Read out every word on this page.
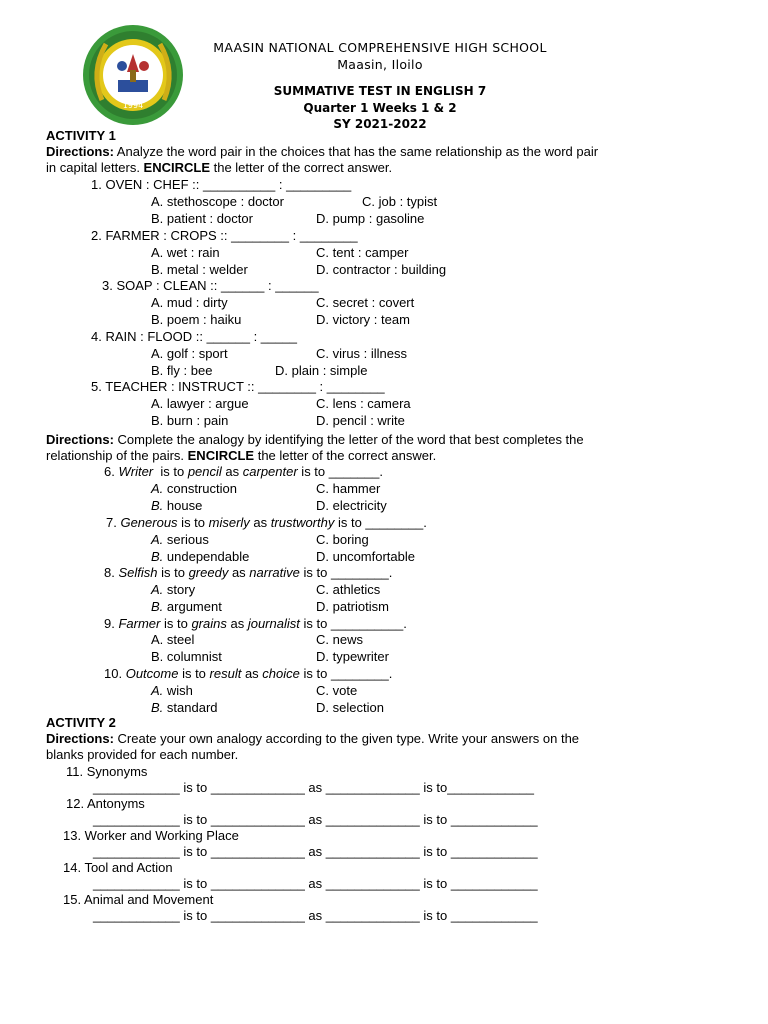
1994
MAASIN NATIONAL COMPREHENSIVE HIGH SCHOOL
Maasin, Iloilo
SUMMATIVE TEST IN ENGLISH 7
Quarter 1 Weeks 1 & 2
SY 2021-2022
ACTIVITY 1
Directions: Analyze the word pair in the choices that has the same relationship as the word pair
in capital letters. ENCIRCLE the letter of the correct answer.
1. OVEN : CHEF :: __________ : _________
A. stethoscope : doctor	C. job : typist
B. patient : doctor	D. pump : gasoline
2. FARMER : CROPS :: ________ : ________
A. wet : rain	C. tent : camper
B. metal : welder	D. contractor : building
3. SOAP : CLEAN :: ______ : ______
A. mud : dirty	C. secret : covert
B. poem : haiku	D. victory : team
4. RAIN : FLOOD :: ______ : _____
A. golf : sport	C. virus : illness
B. fly : bee	D. plain : simple
5. TEACHER : INSTRUCT :: ________ : ________
A. lawyer : argue	C. lens : camera
B. burn : pain	D. pencil : write
Directions: Complete the analogy by identifying the letter of the word that best completes the
relationship of the pairs. ENCIRCLE the letter of the correct answer.
6. Writer  is to pencil as carpenter is to _______.
A. construction	C. hammer
B. house	D. electricity
7. Generous is to miserly as trustworthy is to ________.
A. serious	C. boring
B. undependable	D. uncomfortable
8. Selfish is to greedy as narrative is to ________.
A. story	C. athletics
B. argument	D. patriotism
9. Farmer is to grains as journalist is to __________.
A. steel	C. news
B. columnist	D. typewriter
10. Outcome is to result as choice is to ________.
A. wish	C. vote
B. standard	D. selection
ACTIVITY 2
Directions: Create your own analogy according to the given type. Write your answers on the
blanks provided for each number.
11. Synonyms
____________ is to _____________ as _____________ is to____________
12. Antonyms
____________ is to _____________ as _____________ is to ____________
13. Worker and Working Place
____________ is to _____________ as _____________ is to ____________
14. Tool and Action
____________ is to _____________ as _____________ is to ____________
15. Animal and Movement
____________ is to _____________ as _____________ is to ____________
